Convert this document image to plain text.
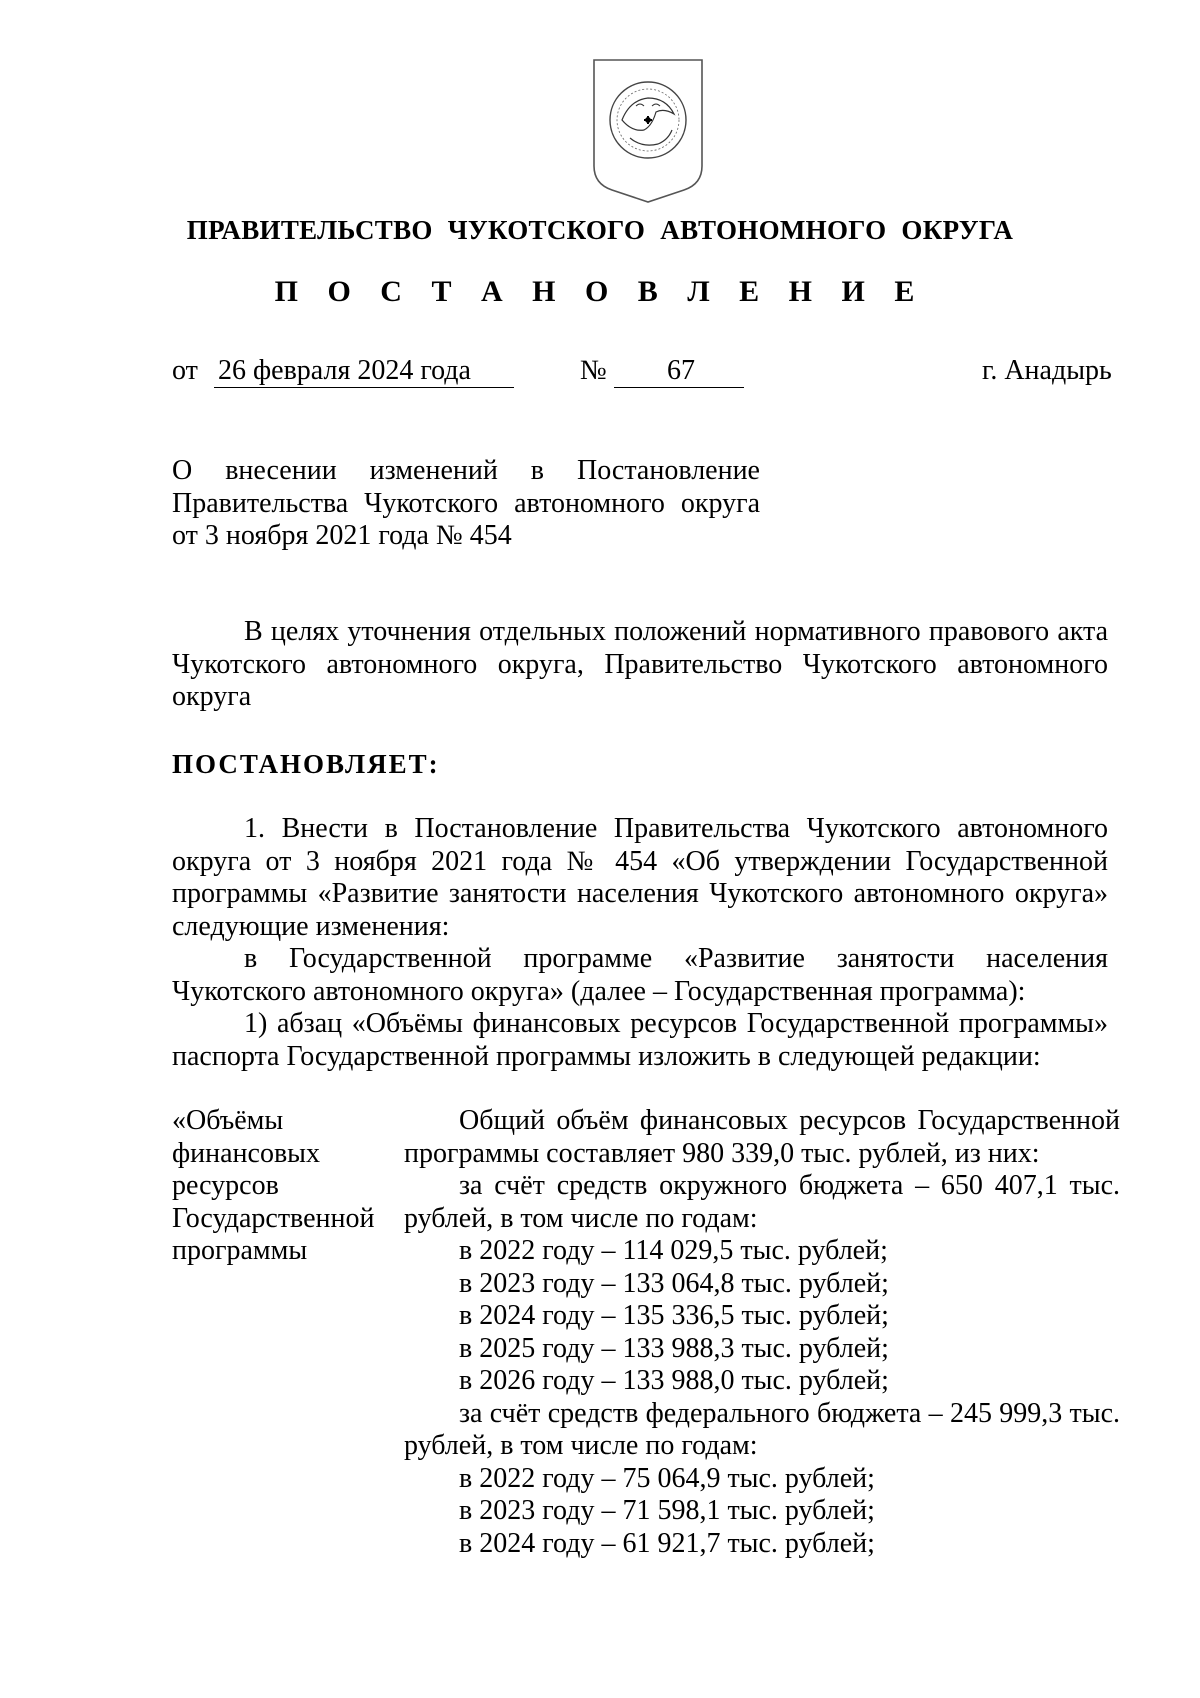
ПРАВИТЕЛЬСТВО ЧУКОТСКОГО АВТОНОМНОГО ОКРУГА
П О С Т А Н О В Л Е Н И Е
от 26 февраля 2024 года	№ 67	г. Анадырь

О внесении изменений в Постановление

Правительства Чукотского автономного округа

от 3 ноября 2021 года № 454

В целях уточнения отдельных положений нормативного правового акта Чукотского автономного округа, Правительство Чукотского автономного округа

ПОСТАНОВЛЯЕТ:

1. Внести в Постановление Правительства Чукотского автономного округа от 3 ноября 2021 года № 454 «Об утверждении Государственной программы «Развитие занятости населения Чукотского автономного округа» следующие изменения:

в Государственной программе «Развитие занятости населения Чукотского автономного округа» (далее – Государственная программа):

1) абзац «Объёмы финансовых ресурсов Государственной программы» паспорта Государственной программы изложить в следующей редакции:

«Объёмы

финансовых

ресурсов

Государственной

программы

Общий объём финансовых ресурсов Государственной программы составляет 980 339,0 тыс. рублей, из них:

за счёт средств окружного бюджета – 650 407,1 тыс. рублей, в том числе по годам:

в 2022 году – 114 029,5 тыс. рублей;

в 2023 году – 133 064,8 тыс. рублей;

в 2024 году – 135 336,5 тыс. рублей;

в 2025 году – 133 988,3 тыс. рублей;

в 2026 году – 133 988,0 тыс. рублей;

за счёт средств федерального бюджета – 245 999,3 тыс. рублей, в том числе по годам:

в 2022 году – 75 064,9 тыс. рублей;

в 2023 году – 71 598,1 тыс. рублей;

в 2024 году – 61 921,7 тыс. рублей;
